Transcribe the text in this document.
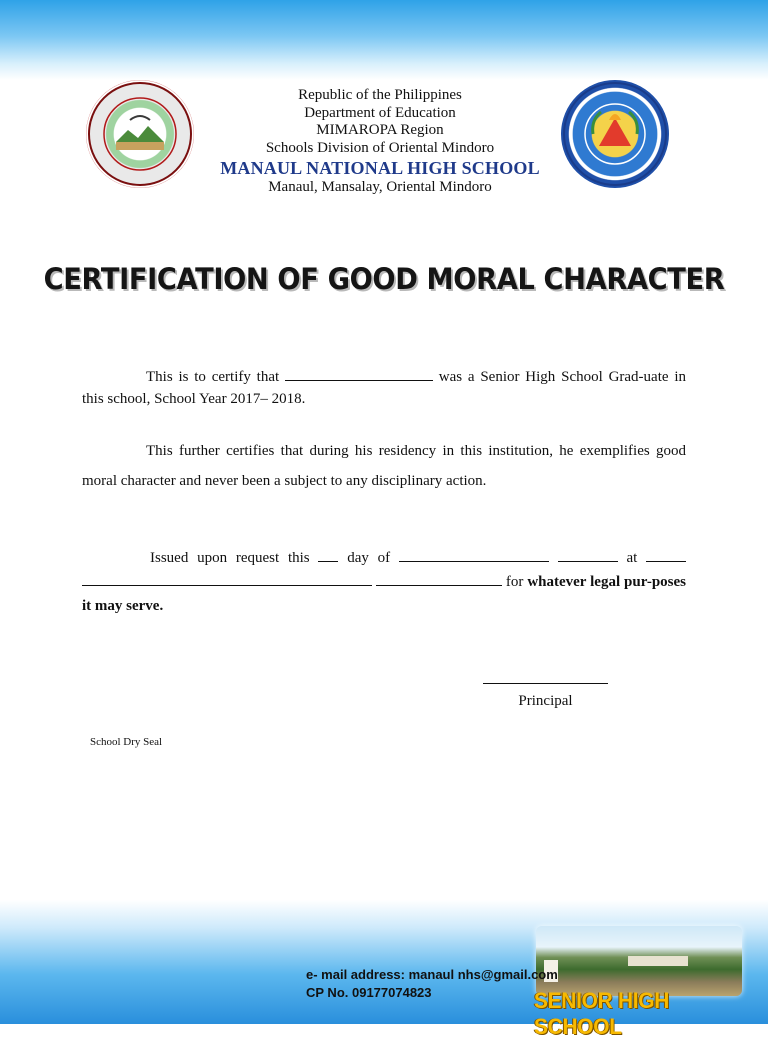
Republic of the Philippines
Department of Education
MIMAROPA Region
Schools Division of Oriental Mindoro
MANAUL NATIONAL HIGH SCHOOL
Manaul, Mansalay, Oriental Mindoro
CERTIFICATION OF GOOD MORAL CHARACTER
This is to certify that	was a Senior High School Grad-uate in this school, School Year 2017– 2018.
This further certifies that during his residency in this institution, he exemplifies good moral character and never been a subject to any disciplinary action.
Issued upon request this	day of	at    for whatever legal pur-poses it may serve.
Principal
School Dry Seal
e- mail address: manaul nhs@gmail.com
CP No. 09177074823	SENIOR HIGH SCHOOL
